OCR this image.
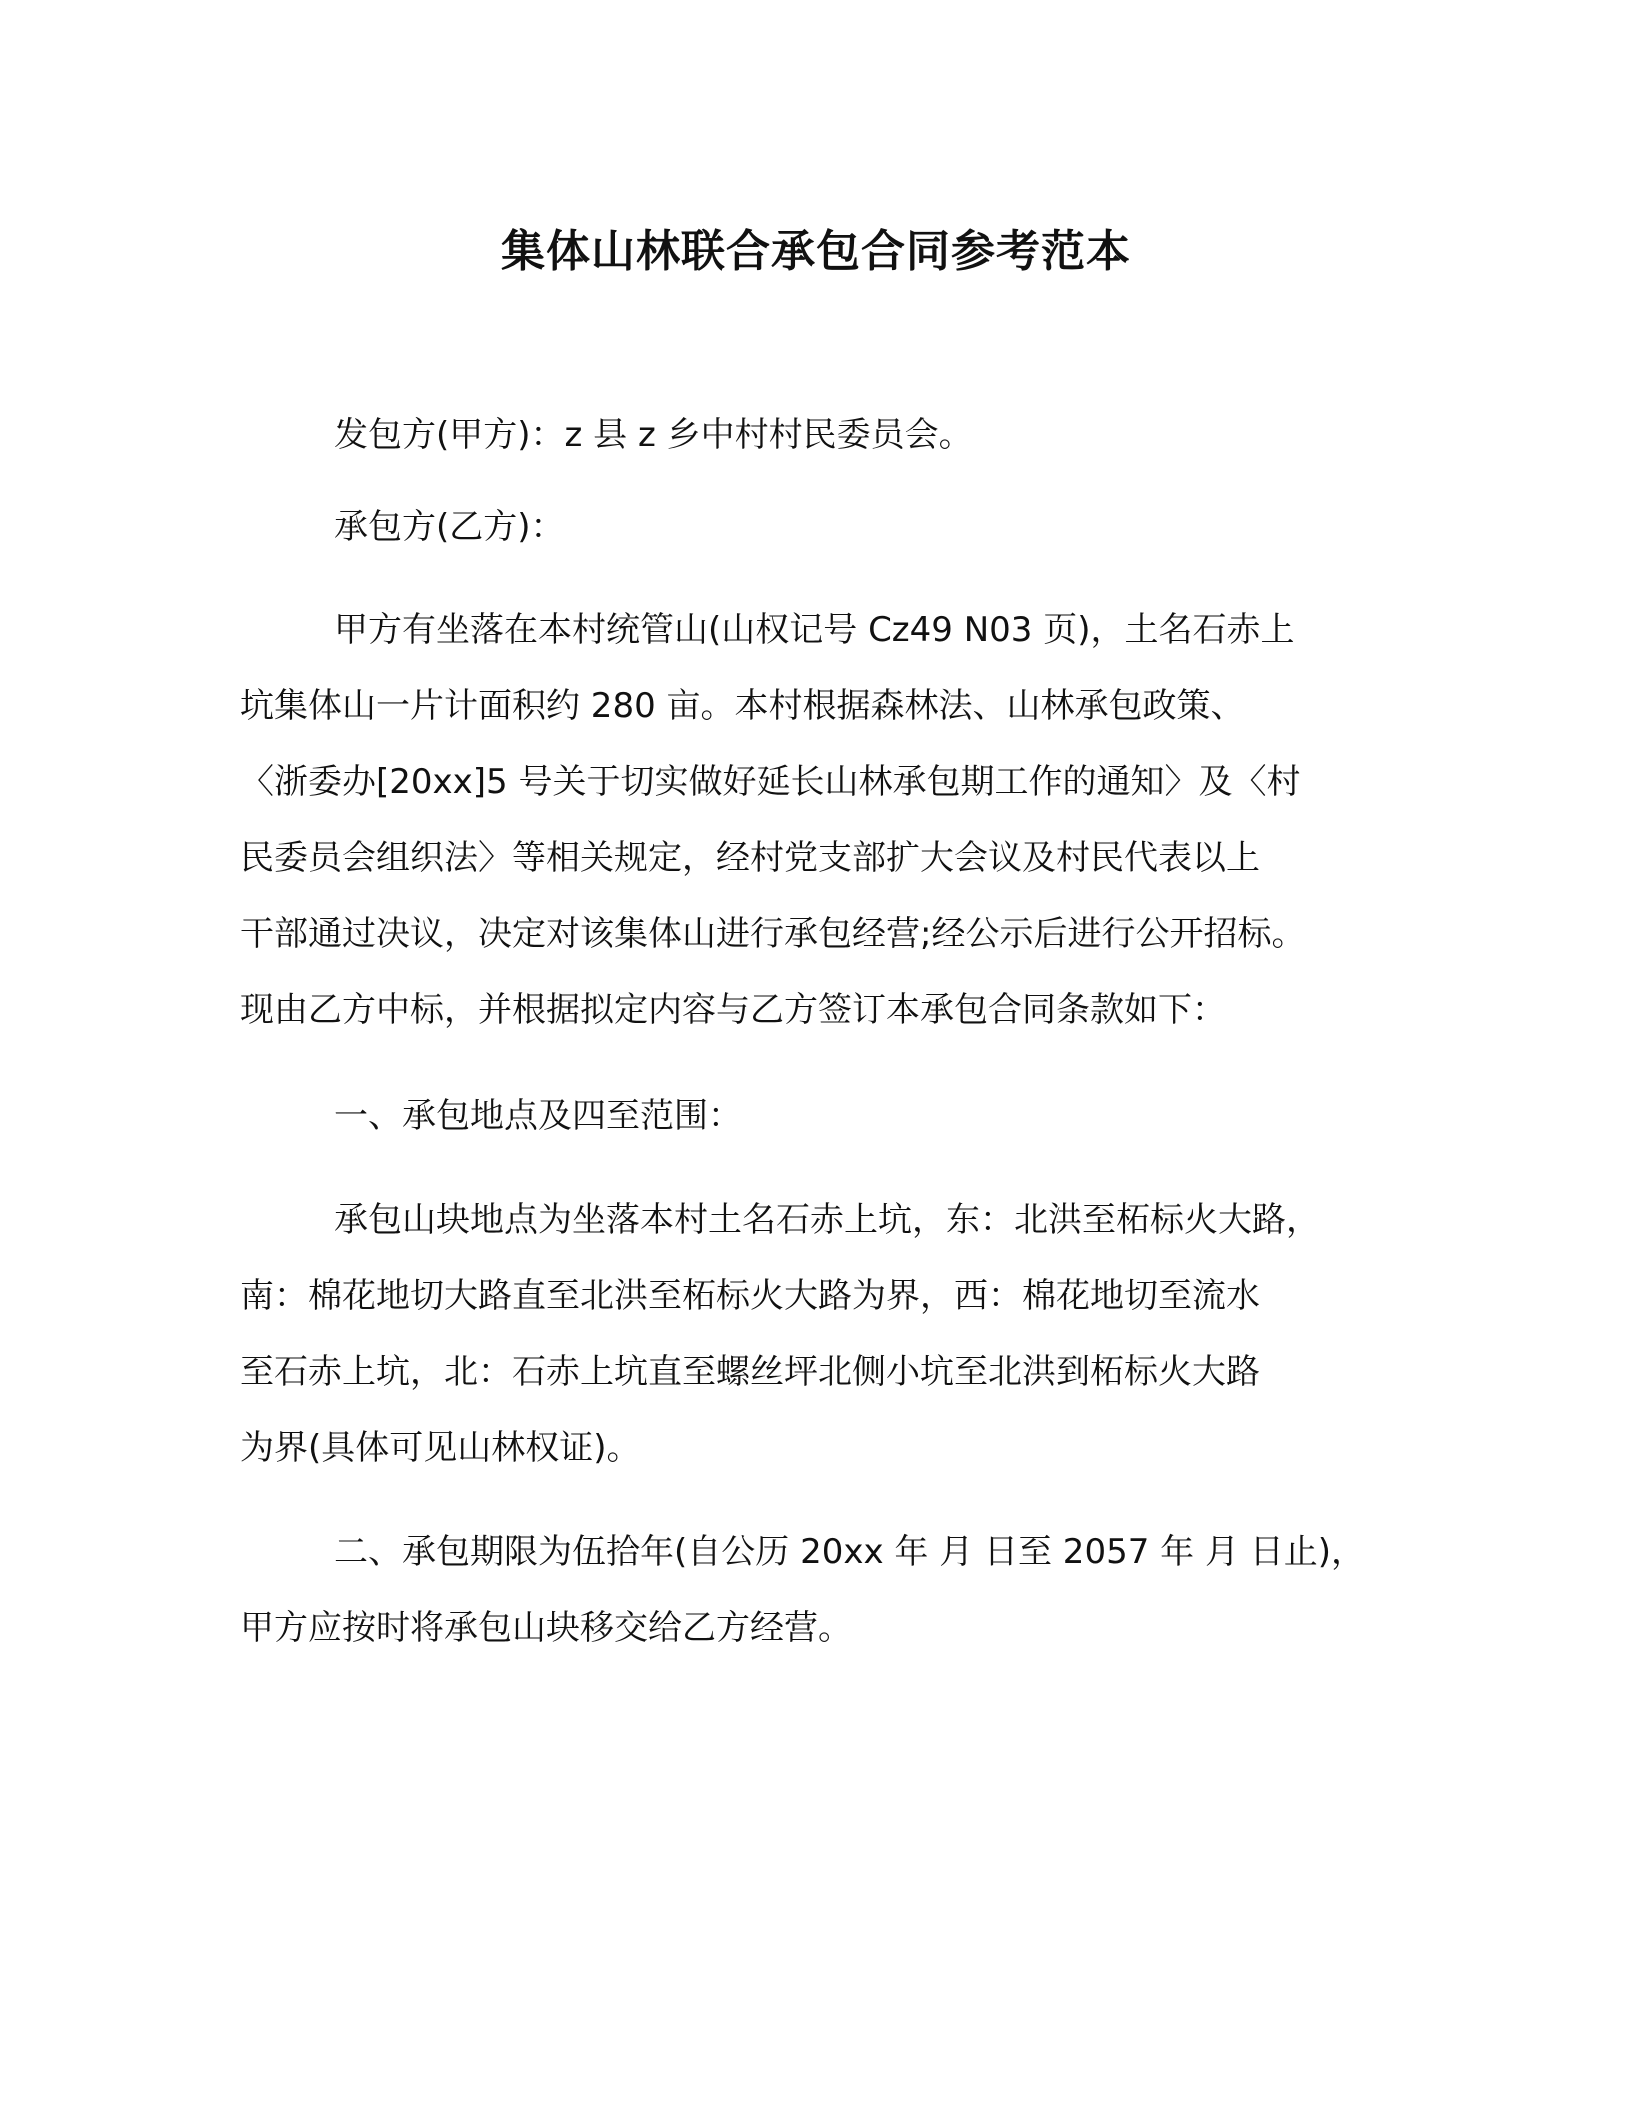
集体山林联合承包合同参考范本
发包方(甲方)：z 县 z 乡中村村民委员会。
承包方(乙方)：
甲方有坐落在本村统管山(山权记号 Cz49 N03 页)，土名石赤上
坑集体山一片计面积约 280 亩。本村根据森林法、山林承包政策、
〈浙委办[20xx]5 号关于切实做好延长山林承包期工作的通知〉及〈村
民委员会组织法〉等相关规定，经村党支部扩大会议及村民代表以上
干部通过决议，决定对该集体山进行承包经营;经公示后进行公开招标。
现由乙方中标，并根据拟定内容与乙方签订本承包合同条款如下：
一、承包地点及四至范围：
承包山块地点为坐落本村土名石赤上坑，东：北洪至柘标火大路，
南：棉花地切大路直至北洪至柘标火大路为界，西：棉花地切至流水
至石赤上坑，北：石赤上坑直至螺丝坪北侧小坑至北洪到柘标火大路
为界(具体可见山林权证)。
二、承包期限为伍拾年(自公历 20xx 年 月 日至 2057 年 月 日止)，
甲方应按时将承包山块移交给乙方经营。
